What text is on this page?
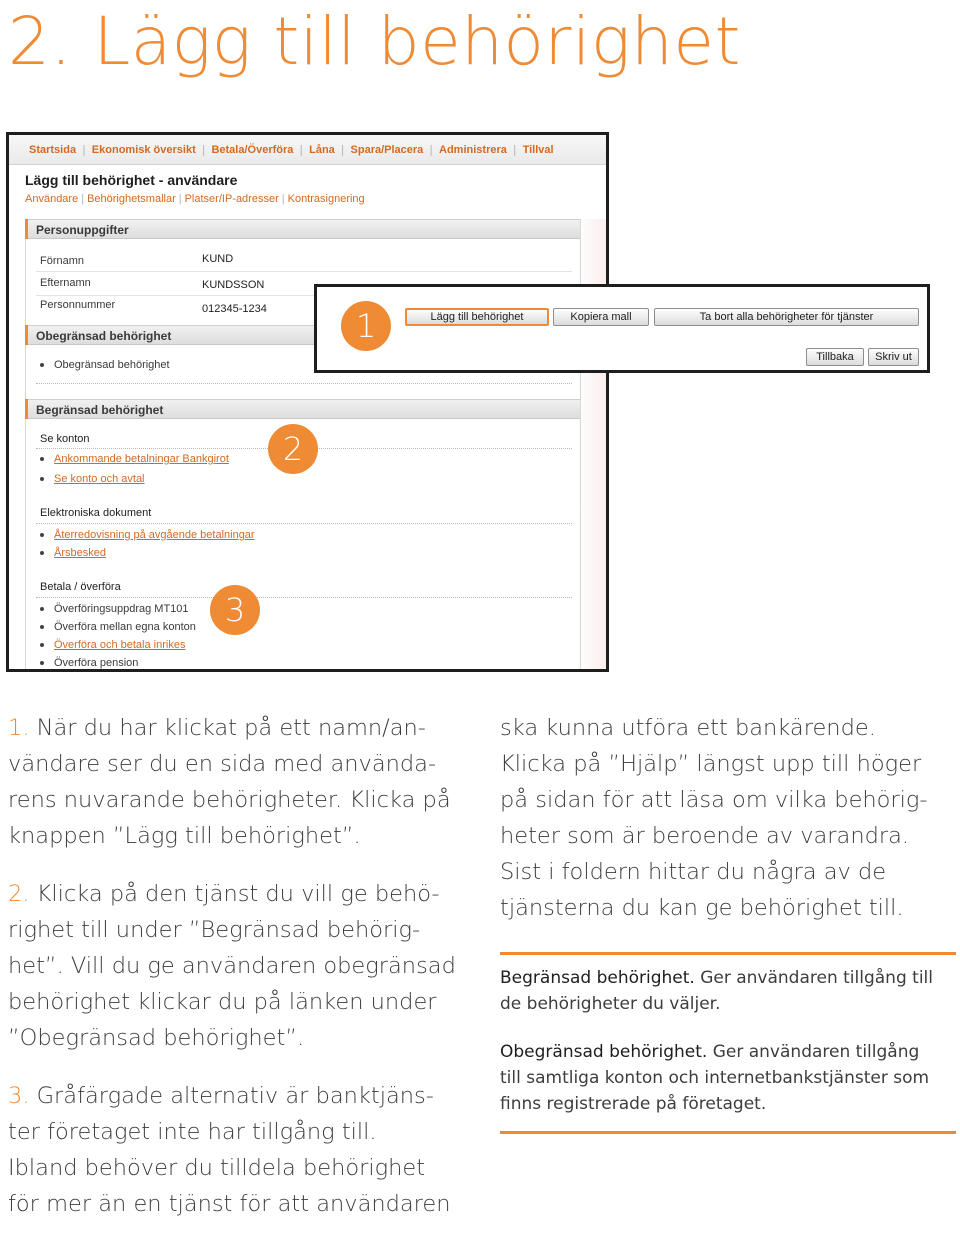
2. Lägg till behörighet
Startsida | Ekonomisk översikt | Betala/Överföra | Låna | Spara/Placera | Administrera | Tillval
Lägg till behörighet - användare
Användare | Behörighetsmallar | Platser/IP-adresser | Kontrasignering
Personuppgifter
Förnamn	KUND
Efternamn	KUNDSSON
Personnummer	012345-1234
Obegränsad behörighet
Obegränsad behörighet
Begränsad behörighet
Se konton
Ankommande betalningar Bankgirot
Se konto och avtal
Elektroniska dokument
Återredovisning på avgående betalningar
Årsbesked
Betala / överföra
Överföringsuppdrag MT101
Överföra mellan egna konton
Överföra och betala inrikes
Överföra pension
Lägg till behörighet	Kopiera mall	Ta bort alla behörigheter för tjänster
Tillbaka	Skriv ut
1
2
3

1. När du har klickat på ett namn/an-
vändare ser du en sida med använda-
rens nuvarande behörigheter. Klicka på
knappen ”Lägg till behörighet”.

2. Klicka på den tjänst du vill ge behö-
righet till under ”Begränsad behörig-
het”. Vill du ge användaren obegränsad
behörighet klickar du på länken under
”Obegränsad behörighet”.

3. Gråfärgade alternativ är banktjäns-
ter företaget inte har tillgång till.
Ibland behöver du tilldela behörighet
för mer än en tjänst för att användaren

ska kunna utföra ett bankärende.
Klicka på ”Hjälp” längst upp till höger
på sidan för att läsa om vilka behörig-
heter som är beroende av varandra.
Sist i foldern hittar du några av de
tjänsterna du kan ge behörighet till.

Begränsad behörighet. Ger användaren tillgång till
de behörigheter du väljer.

Obegränsad behörighet. Ger användaren tillgång
till samtliga konton och internetbankstjänster som
finns registrerade på företaget.
